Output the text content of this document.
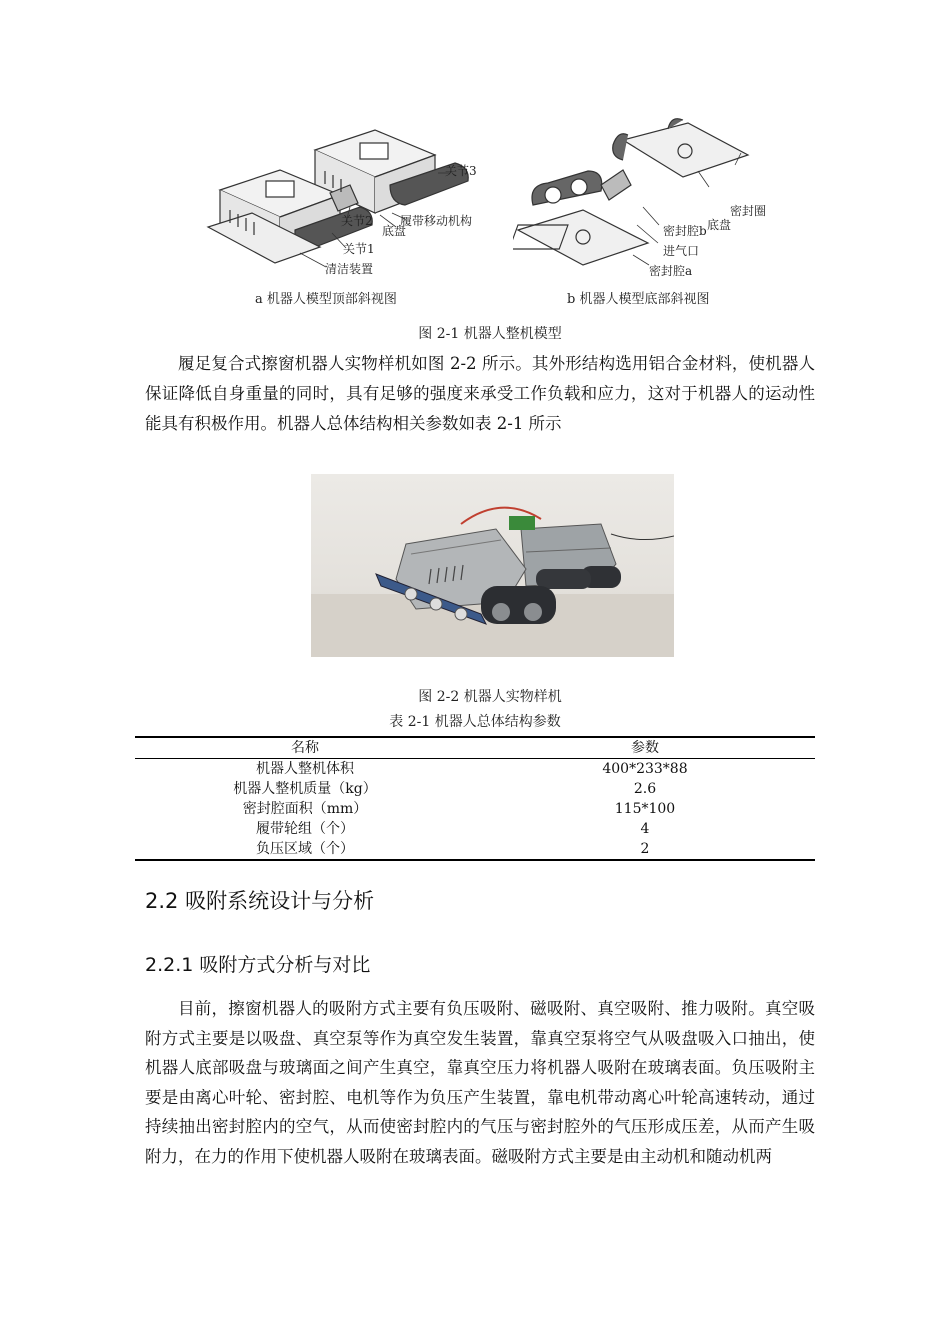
关节3
关节2 履带移动机构
底盘
关节1
清洁装置
a 机器人模型顶部斜视图
密封圈
底盘
密封腔b
进气口
密封腔a
b 机器人模型底部斜视图
图 2-1 机器人整机模型

履足复合式擦窗机器人实物样机如图 2-2 所示。其外形结构选用铝合金材料，使机器人保证降低自身重量的同时，具有足够的强度来承受工作负载和应力，这对于机器人的运动性能具有积极作用。机器人总体结构相关参数如表 2-1 所示

图 2-2 机器人实物样机
表 2-1 机器人总体结构参数
名称	参数
机器人整机体积	400*233*88
机器人整机质量（kg）	2.6
密封腔面积（mm）	115*100
履带轮组（个）	4
负压区域（个）	2
2.2 吸附系统设计与分析
2.2.1 吸附方式分析与对比

目前，擦窗机器人的吸附方式主要有负压吸附、磁吸附、真空吸附、推力吸附。真空吸附方式主要是以吸盘、真空泵等作为真空发生装置，靠真空泵将空气从吸盘吸入口抽出，使机器人底部吸盘与玻璃面之间产生真空，靠真空压力将机器人吸附在玻璃表面。负压吸附主要是由离心叶轮、密封腔、电机等作为负压产生装置，靠电机带动离心叶轮高速转动，通过持续抽出密封腔内的空气，从而使密封腔内的气压与密封腔外的气压形成压差，从而产生吸附力，在力的作用下使机器人吸附在玻璃表面。磁吸附方式主要是由主动机和随动机两
